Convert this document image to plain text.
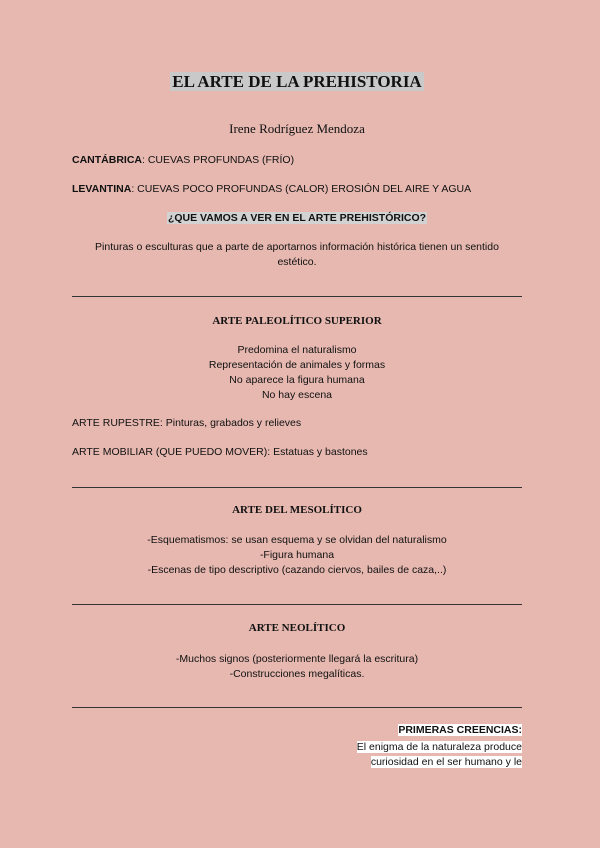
EL ARTE DE LA PREHISTORIA
Irene Rodríguez Mendoza
CANTÁBRICA: CUEVAS PROFUNDAS (FRÍO)
LEVANTINA: CUEVAS POCO PROFUNDAS (CALOR) EROSIÓN DEL AIRE Y AGUA
¿QUE VAMOS A VER EN EL ARTE PREHISTÓRICO?
Pinturas o esculturas que a parte de aportarnos información histórica tienen un sentido
estético.
ARTE PALEOLÍTICO SUPERIOR
Predomina el naturalismo
Representación de animales y formas
No aparece la figura humana
No hay escena
ARTE RUPESTRE: Pinturas, grabados y relieves
ARTE MOBILIAR (QUE PUEDO MOVER): Estatuas y bastones
ARTE DEL MESOLÍTICO
-Esquematismos: se usan esquema y se olvidan del naturalismo
-Figura humana
-Escenas de tipo descriptivo (cazando ciervos, bailes de caza,..)
ARTE NEOLÍTICO
-Muchos signos (posteriormente llegará la escritura)
-Construcciones megalíticas.
PRIMERAS CREENCIAS:
El enigma de la naturaleza produce
curiosidad en el ser humano y le
